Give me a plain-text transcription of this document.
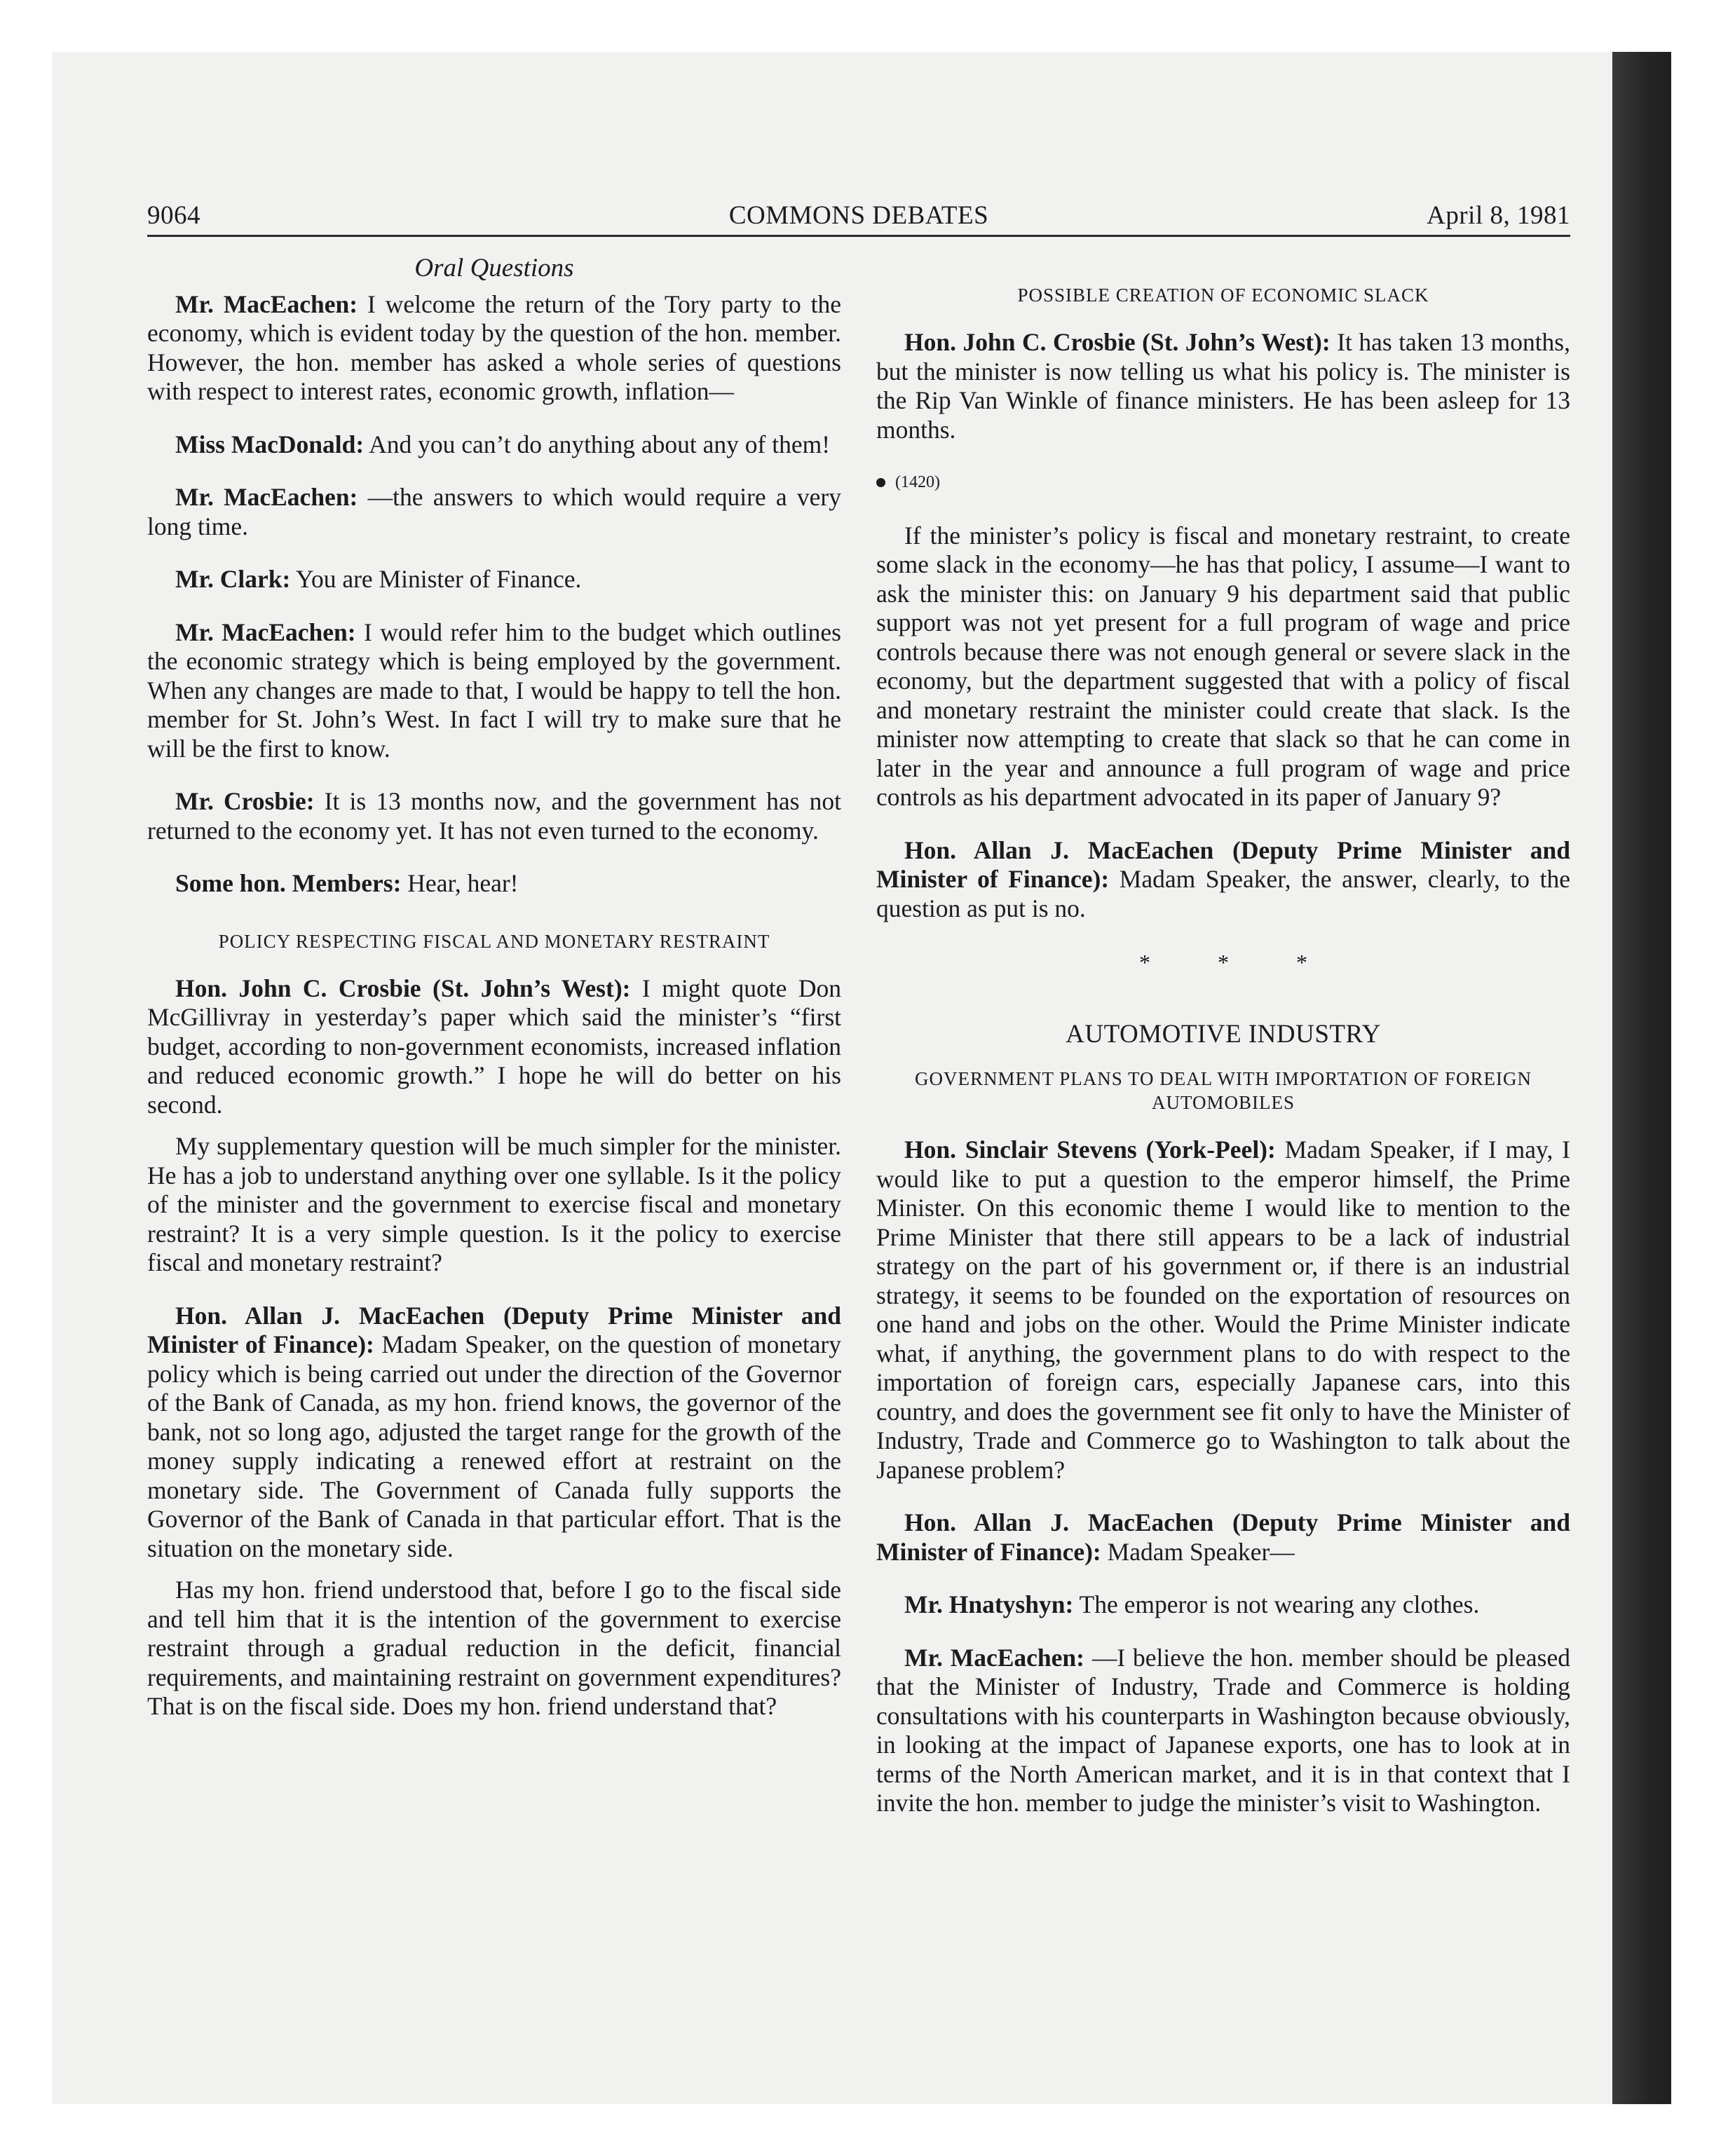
9064	COMMONS DEBATES	April 8, 1981
Oral Questions

Mr. MacEachen: I welcome the return of the Tory party to the economy, which is evident today by the question of the hon. member. However, the hon. member has asked a whole series of questions with respect to interest rates, economic growth, inflation—

Miss MacDonald: And you can’t do anything about any of them!

Mr. MacEachen: —the answers to which would require a very long time.

Mr. Clark: You are Minister of Finance.

Mr. MacEachen: I would refer him to the budget which outlines the economic strategy which is being employed by the government. When any changes are made to that, I would be happy to tell the hon. member for St. John’s West. In fact I will try to make sure that he will be the first to know.

Mr. Crosbie: It is 13 months now, and the government has not returned to the economy yet. It has not even turned to the economy.

Some hon. Members: Hear, hear!

POLICY RESPECTING FISCAL AND MONETARY RESTRAINT

Hon. John C. Crosbie (St. John’s West): I might quote Don McGillivray in yesterday’s paper which said the minister’s “first budget, according to non-government economists, increased inflation and reduced economic growth.” I hope he will do better on his second.

My supplementary question will be much simpler for the minister. He has a job to understand anything over one syllable. Is it the policy of the minister and the government to exercise fiscal and monetary restraint? It is a very simple question. Is it the policy to exercise fiscal and monetary restraint?

Hon. Allan J. MacEachen (Deputy Prime Minister and Minister of Finance): Madam Speaker, on the question of monetary policy which is being carried out under the direction of the Governor of the Bank of Canada, as my hon. friend knows, the governor of the bank, not so long ago, adjusted the target range for the growth of the money supply indicating a renewed effort at restraint on the monetary side. The Government of Canada fully supports the Governor of the Bank of Canada in that particular effort. That is the situation on the monetary side.

Has my hon. friend understood that, before I go to the fiscal side and tell him that it is the intention of the government to exercise restraint through a gradual reduction in the deficit, financial requirements, and maintaining restraint on government expenditures? That is on the fiscal side. Does my hon. friend understand that?

POSSIBLE CREATION OF ECONOMIC SLACK

Hon. John C. Crosbie (St. John’s West): It has taken 13 months, but the minister is now telling us what his policy is. The minister is the Rip Van Winkle of finance ministers. He has been asleep for 13 months.

(1420)

If the minister’s policy is fiscal and monetary restraint, to create some slack in the economy—he has that policy, I assume—I want to ask the minister this: on January 9 his department said that public support was not yet present for a full program of wage and price controls because there was not enough general or severe slack in the economy, but the department suggested that with a policy of fiscal and monetary restraint the minister could create that slack. Is the minister now attempting to create that slack so that he can come in later in the year and announce a full program of wage and price controls as his department advocated in its paper of January 9?

Hon. Allan J. MacEachen (Deputy Prime Minister and Minister of Finance): Madam Speaker, the answer, clearly, to the question as put is no.

* * *
AUTOMOTIVE INDUSTRY
GOVERNMENT PLANS TO DEAL WITH IMPORTATION OF FOREIGN AUTOMOBILES

Hon. Sinclair Stevens (York-Peel): Madam Speaker, if I may, I would like to put a question to the emperor himself, the Prime Minister. On this economic theme I would like to mention to the Prime Minister that there still appears to be a lack of industrial strategy on the part of his government or, if there is an industrial strategy, it seems to be founded on the exportation of resources on one hand and jobs on the other. Would the Prime Minister indicate what, if anything, the government plans to do with respect to the importation of foreign cars, especially Japanese cars, into this country, and does the government see fit only to have the Minister of Industry, Trade and Commerce go to Washington to talk about the Japanese problem?

Hon. Allan J. MacEachen (Deputy Prime Minister and Minister of Finance): Madam Speaker—

Mr. Hnatyshyn: The emperor is not wearing any clothes.

Mr. MacEachen: —I believe the hon. member should be pleased that the Minister of Industry, Trade and Commerce is holding consultations with his counterparts in Washington because obviously, in looking at the impact of Japanese exports, one has to look at in terms of the North American market, and it is in that context that I invite the hon. member to judge the minister’s visit to Washington.
